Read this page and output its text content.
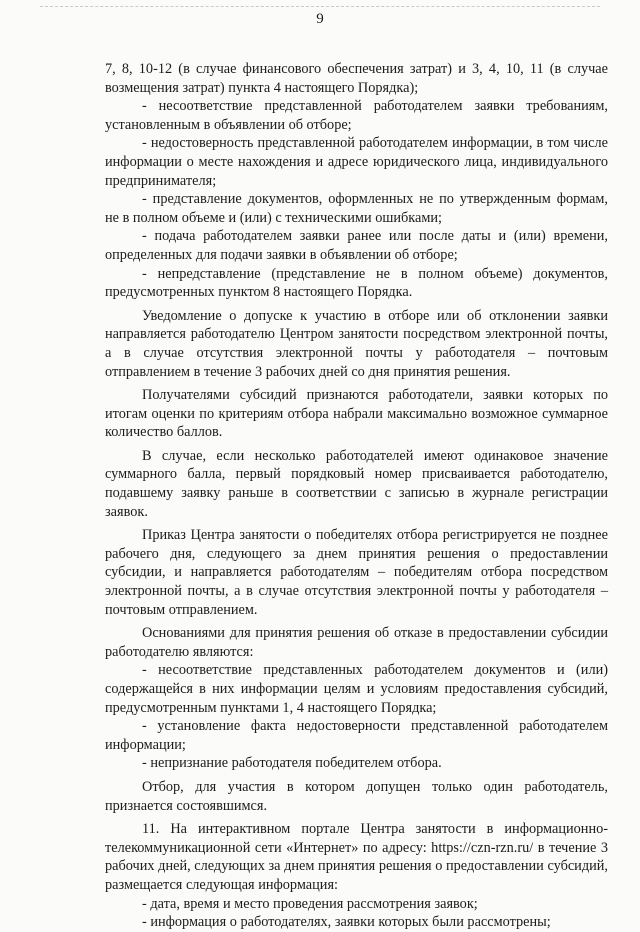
9

7, 8, 10-12 (в случае финансового обеспечения затрат) и 3, 4, 10, 11 (в случае возмещения затрат) пункта 4 настоящего Порядка);

- несоответствие представленной работодателем заявки требованиям, установленным в объявлении об отборе;

- недостоверность представленной работодателем информации, в том числе информации о месте нахождения и адресе юридического лица, индивидуального предпринимателя;

- представление документов, оформленных не по утвержденным формам, не в полном объеме и (или) с техническими ошибками;

- подача работодателем заявки ранее или после даты и (или) времени, определенных для подачи заявки в объявлении об отборе;

- непредставление (представление не в полном объеме) документов, предусмотренных пунктом 8 настоящего Порядка.

Уведомление о допуске к участию в отборе или об отклонении заявки направляется работодателю Центром занятости посредством электронной почты, а в случае отсутствия электронной почты у работодателя – почтовым отправлением в течение 3 рабочих дней со дня принятия решения.

Получателями субсидий признаются работодатели, заявки которых по итогам оценки по критериям отбора набрали максимально возможное суммарное количество баллов.

В случае, если несколько работодателей имеют одинаковое значение суммарного балла, первый порядковый номер присваивается работодателю, подавшему заявку раньше в соответствии с записью в журнале регистрации заявок.

Приказ Центра занятости о победителях отбора регистрируется не позднее рабочего дня, следующего за днем принятия решения о предоставлении субсидии, и направляется работодателям – победителям отбора посредством электронной почты, а в случае отсутствия электронной почты у работодателя – почтовым отправлением.

Основаниями для принятия решения об отказе в предоставлении субсидии работодателю являются:

- несоответствие представленных работодателем документов и (или) содержащейся в них информации целям и условиям предоставления субсидий, предусмотренным пунктами 1, 4 настоящего Порядка;

- установление факта недостоверности представленной работодателем информации;

- непризнание работодателя победителем отбора.

Отбор, для участия в котором допущен только один работодатель, признается состоявшимся.

11. На интерактивном портале Центра занятости в информационно-телекоммуникационной сети «Интернет» по адресу: https://czn-rzn.ru/ в течение 3 рабочих дней, следующих за днем принятия решения о предоставлении субсидий, размещается следующая информация:

- дата, время и место проведения рассмотрения заявок;

- информация о работодателях, заявки которых были рассмотрены;
